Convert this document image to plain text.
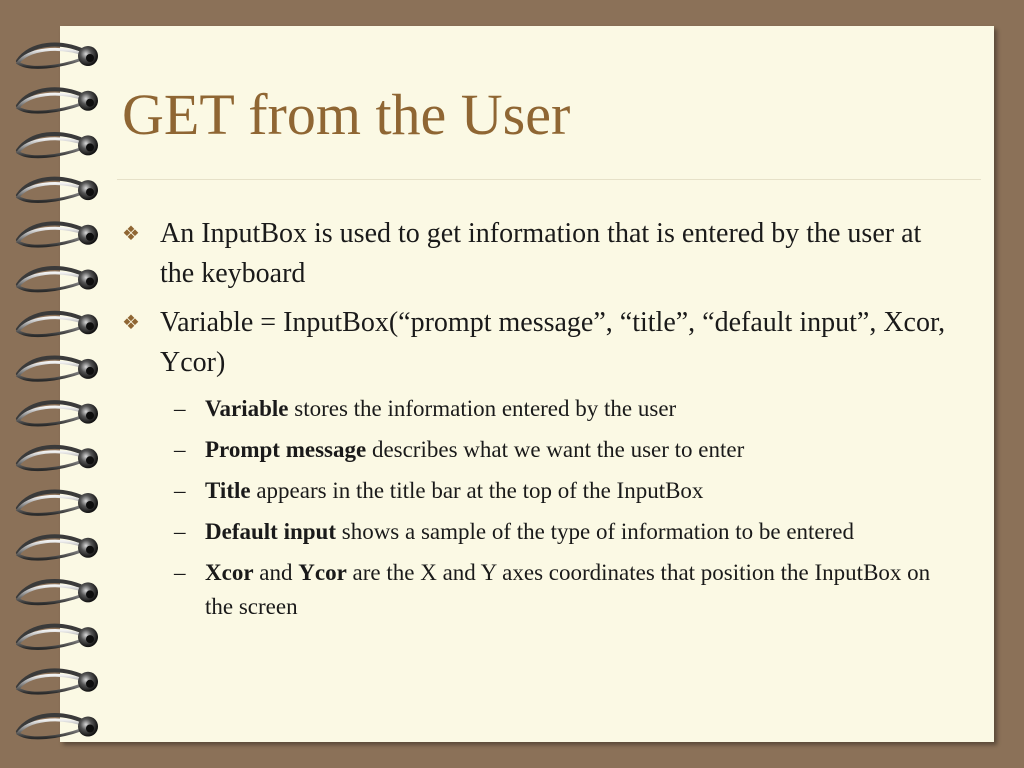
GET from the User
❖ An InputBox is used to get information that is entered by the user at the keyboard
❖ Variable = InputBox(“prompt message”, “title”, “default input”, Xcor, Ycor)
– Variable stores the information entered by the user
– Prompt message describes what we want the user to enter
– Title appears in the title bar at the top of the InputBox
– Default input shows a sample of the type of information to be entered
– Xcor and Ycor are the X and Y axes coordinates that position the InputBox on the screen
